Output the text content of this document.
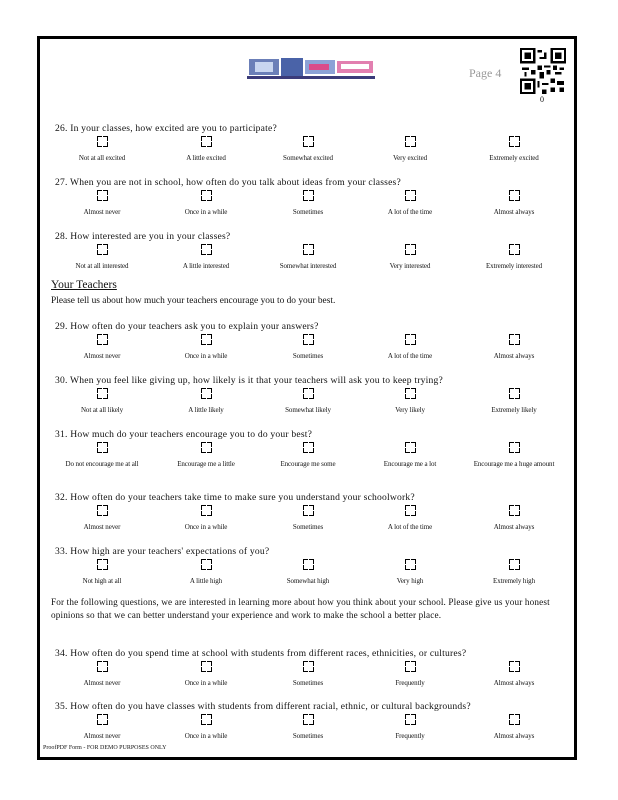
Page 4
0
26. In your classes, how excited are you to participate?
Not at all excited	A little excited	Somewhat excited	Very excited	Extremely excited
27. When you are not in school, how often do you talk about ideas from your classes?
Almost never	Once in a while	Sometimes	A lot of the time	Almost always
28. How interested are you in your classes?
Not at all interested	A little interested	Somewhat interested	Very interested	Extremely interested
Your Teachers
Please tell us about how much your teachers encourage you to do your best.
29. How often do your teachers ask you to explain your answers?
Almost never	Once in a while	Sometimes	A lot of the time	Almost always
30. When you feel like giving up, how likely is it that your teachers will ask you to keep trying?
Not at all likely	A little likely	Somewhat likely	Very likely	Extremely likely
31. How much do your teachers encourage you to do your best?
Do not encourage me at all	Encourage me a little	Encourage me some	Encourage me a lot	Encourage me a huge amount
32. How often do your teachers take time to make sure you understand your schoolwork?
Almost never	Once in a while	Sometimes	A lot of the time	Almost always
33. How high are your teachers' expectations of you?
Not high at all	A little high	Somewhat high	Very high	Extremely high
For the following questions, we are interested in learning more about how you think about your school. Please give us your honest opinions so that we can better understand your experience and work to make the school a better place.
34. How often do you spend time at school with students from different races, ethnicities, or cultures?
Almost never	Once in a while	Sometimes	Frequently	Almost always
35. How often do you have classes with students from different racial, ethnic, or cultural backgrounds?
Almost never	Once in a while	Sometimes	Frequently	Almost always
ProofPDF Form - FOR DEMO PURPOSES ONLY
